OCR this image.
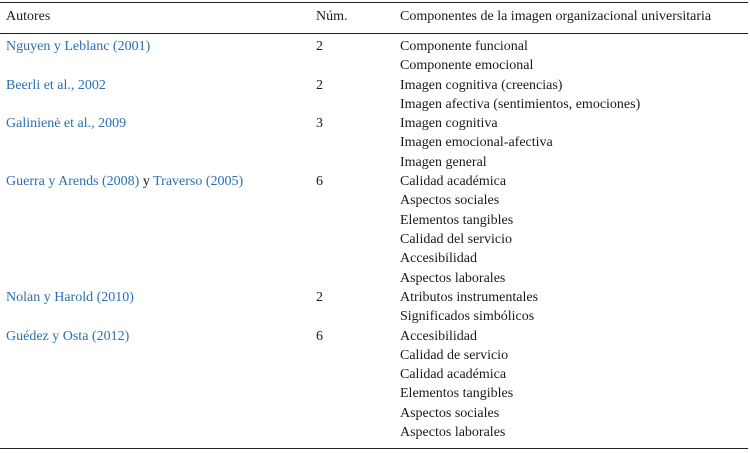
Autores	Núm.	Componentes de la imagen organizacional universitaria
Nguyen y Leblanc (2001)	2	Componente funcional
Componente emocional
Beerli et al., 2002	2	Imagen cognitiva (creencias)
Imagen afectiva (sentimientos, emociones)
Galinienė et al., 2009	3	Imagen cognitiva
Imagen emocional-afectiva
Imagen general
Guerra y Arends (2008) y Traverso (2005)	6	Calidad académica
Aspectos sociales
Elementos tangibles
Calidad del servicio
Accesibilidad
Aspectos laborales
Nolan y Harold (2010)	2	Atributos instrumentales
Significados simbólicos
Guédez y Osta (2012)	6	Accesibilidad
Calidad de servicio
Calidad académica
Elementos tangibles
Aspectos sociales
Aspectos laborales
